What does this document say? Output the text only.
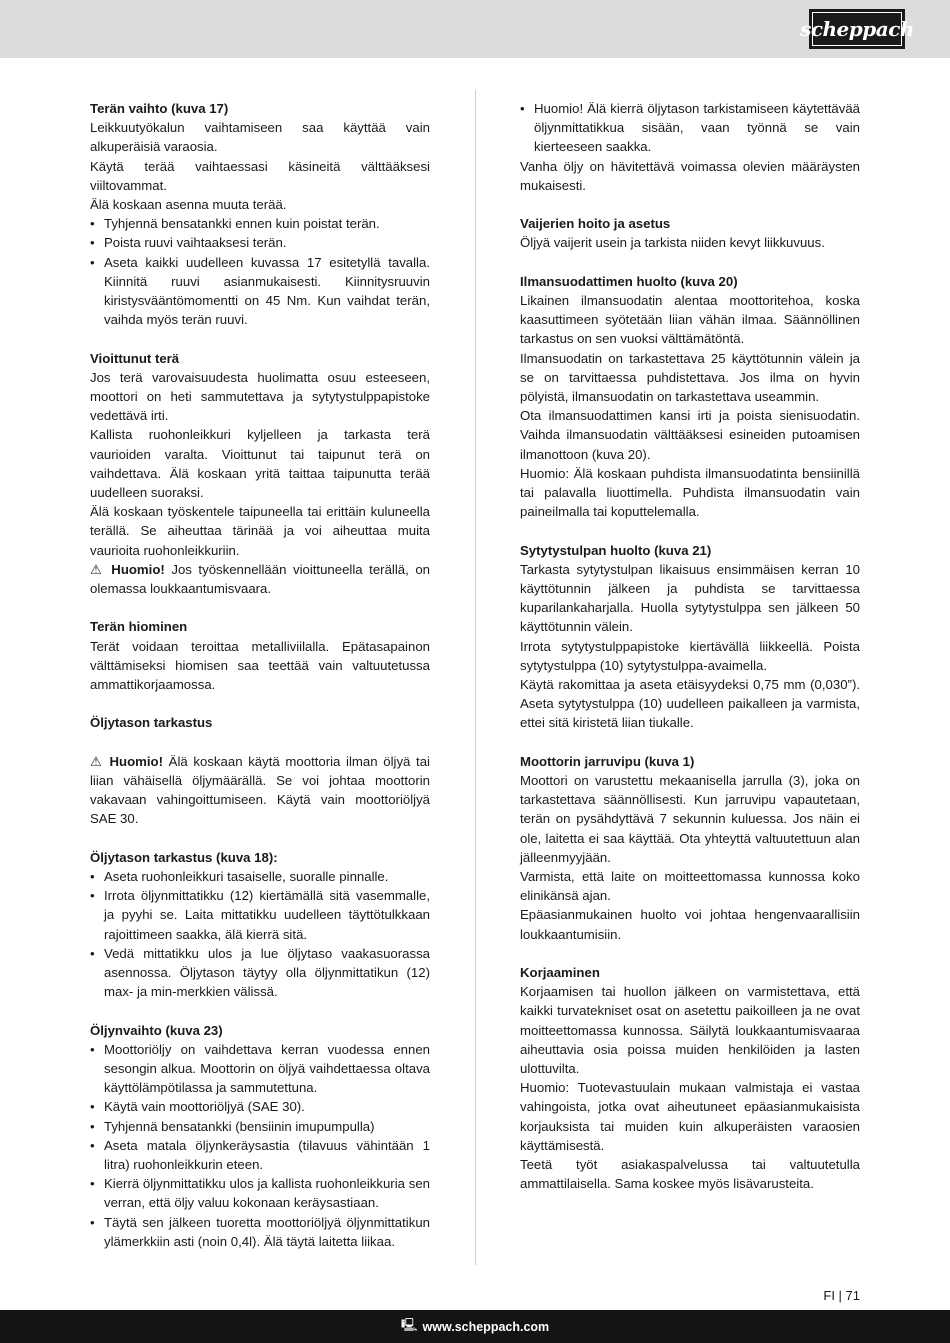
scheppach
Terän vaihto (kuva 17)

Leikkuutyökalun vaihtamiseen saa käyttää vain alkuperäisiä varaosia.

Käytä terää vaihtaessasi käsineitä välttääksesi viiltovammat.

Älä koskaan asenna muuta terää.

• Tyhjennä bensatankki ennen kuin poistat terän.
• Poista ruuvi vaihtaaksesi terän.
• Aseta kaikki uudelleen kuvassa 17 esitetyllä tavalla. Kiinnitä ruuvi asianmukaisesti. Kiinnitysruuvin kiristysvääntömomentti on 45 Nm. Kun vaihdat terän, vaihda myös terän ruuvi.
Vioittunut terä

Jos terä varovaisuudesta huolimatta osuu esteeseen, moottori on heti sammutettava ja sytytystulppapistoke vedettävä irti.

Kallista ruohonleikkuri kyljelleen ja tarkasta terä vaurioiden varalta. Vioittunut tai taipunut terä on vaihdettava. Älä koskaan yritä taittaa taipunutta terää uudelleen suoraksi.

Älä koskaan työskentele taipuneella tai erittäin kuluneella terällä. Se aiheuttaa tärinää ja voi aiheuttaa muita vaurioita ruohonleikkuriin.

⚠ Huomio! Jos työskennellään vioittuneella terällä, on olemassa loukkaantumisvaara.

Terän hiominen

Terät voidaan teroittaa metalliviilalla. Epätasapainon välttämiseksi hiomisen saa teettää vain valtuutetussa ammattikorjaamossa.

Öljytason tarkastus

⚠ Huomio! Älä koskaan käytä moottoria ilman öljyä tai liian vähäisellä öljymäärällä. Se voi johtaa moottorin vakavaan vahingoittumiseen. Käytä vain moottoriöljyä SAE 30.

Öljytason tarkastus (kuva 18):
• Aseta ruohonleikkuri tasaiselle, suoralle pinnalle.
• Irrota öljynmittatikku (12) kiertämällä sitä vasemmalle, ja pyyhi se. Laita mittatikku uudelleen täyttötulkkaan rajoittimeen saakka, älä kierrä sitä.
• Vedä mittatikku ulos ja lue öljytaso vaakasuorassa asennossa. Öljytason täytyy olla öljynmittatikun (12) max- ja min-merkkien välissä.
Öljynvaihto (kuva 23)
• Moottoriöljy on vaihdettava kerran vuodessa ennen sesongin alkua. Moottorin on öljyä vaihdettaessa oltava käyttölämpötilassa ja sammutettuna.
• Käytä vain moottoriöljyä (SAE 30).
• Tyhjennä bensatankki (bensiinin imupumpulla)
• Aseta matala öljynkeräysastia (tilavuus vähintään 1 litra) ruohonleikkurin eteen.
• Kierrä öljynmittatikku ulos ja kallista ruohonleikkuria sen verran, että öljy valuu kokonaan keräysastiaan.
• Täytä sen jälkeen tuoretta moottoriöljyä öljynmittatikun ylämerkkiin asti (noin 0,4l). Älä täytä laitetta liikaa.
• Huomio! Älä kierrä öljytason tarkistamiseen käytettävää öljynmittatikkua sisään, vaan työnnä se vain kierteeseen saakka.

Vanha öljy on hävitettävä voimassa olevien määräysten mukaisesti.

Vaijerien hoito ja asetus

Öljyä vaijerit usein ja tarkista niiden kevyt liikkuvuus.

Ilmansuodattimen huolto (kuva 20)

Likainen ilmansuodatin alentaa moottoritehoa, koska kaasuttimeen syötetään liian vähän ilmaa. Säännöllinen tarkastus on sen vuoksi välttämätöntä.

Ilmansuodatin on tarkastettava 25 käyttötunnin välein ja se on tarvittaessa puhdistettava. Jos ilma on hyvin pölyistä, ilmansuodatin on tarkastettava useammin.

Ota ilmansuodattimen kansi irti ja poista sienisuodatin. Vaihda ilmansuodatin välttääksesi esineiden putoamisen ilmanottoon (kuva 20).

Huomio: Älä koskaan puhdista ilmansuodatinta bensiinillä tai palavalla liuottimella. Puhdista ilmansuodatin vain paineilmalla tai koputtelemalla.

Sytytystulpan huolto (kuva 21)

Tarkasta sytytystulpan likaisuus ensimmäisen kerran 10 käyttötunnin jälkeen ja puhdista se tarvittaessa kuparilankaharjalla. Huolla sytytystulppa sen jälkeen 50 käyttötunnin välein.

Irrota sytytystulppapistoke kiertävällä liikkeellä. Poista sytytystulppa (10) sytytystulppa-avaimella.

Käytä rakomittaa ja aseta etäisyydeksi 0,75 mm (0,030”). Aseta sytytystulppa (10) uudelleen paikalleen ja varmista, ettei sitä kiristetä liian tiukalle.

Moottorin jarruvipu (kuva 1)

Moottori on varustettu mekaanisella jarrulla (3), joka on tarkastettava säännöllisesti. Kun jarruvipu vapautetaan, terän on pysähdyttävä 7 sekunnin kuluessa. Jos näin ei ole, laitetta ei saa käyttää. Ota yhteyttä valtuutettuun alan jälleenmyyjään.

Varmista, että laite on moitteettomassa kunnossa koko elinikänsä ajan.

Epäasianmukainen huolto voi johtaa hengenvaarallisiin loukkaantumisiin.

Korjaaminen

Korjaamisen tai huollon jälkeen on varmistettava, että kaikki turvatekniset osat on asetettu paikoilleen ja ne ovat moitteettomassa kunnossa. Säilytä loukkaantumisvaaraa aiheuttavia osia poissa muiden henkilöiden ja lasten ulottuvilta.

Huomio: Tuotevastuulain mukaan valmistaja ei vastaa vahingoista, jotka ovat aiheutuneet epäasianmukaisista korjauksista tai muiden kuin alkuperäisten varaosien käyttämisestä.

Teetä työt asiakaspalvelussa tai valtuutetulla ammattilaisella. Sama koskee myös lisävarusteita.

FI | 71
🖳 www.scheppach.com
